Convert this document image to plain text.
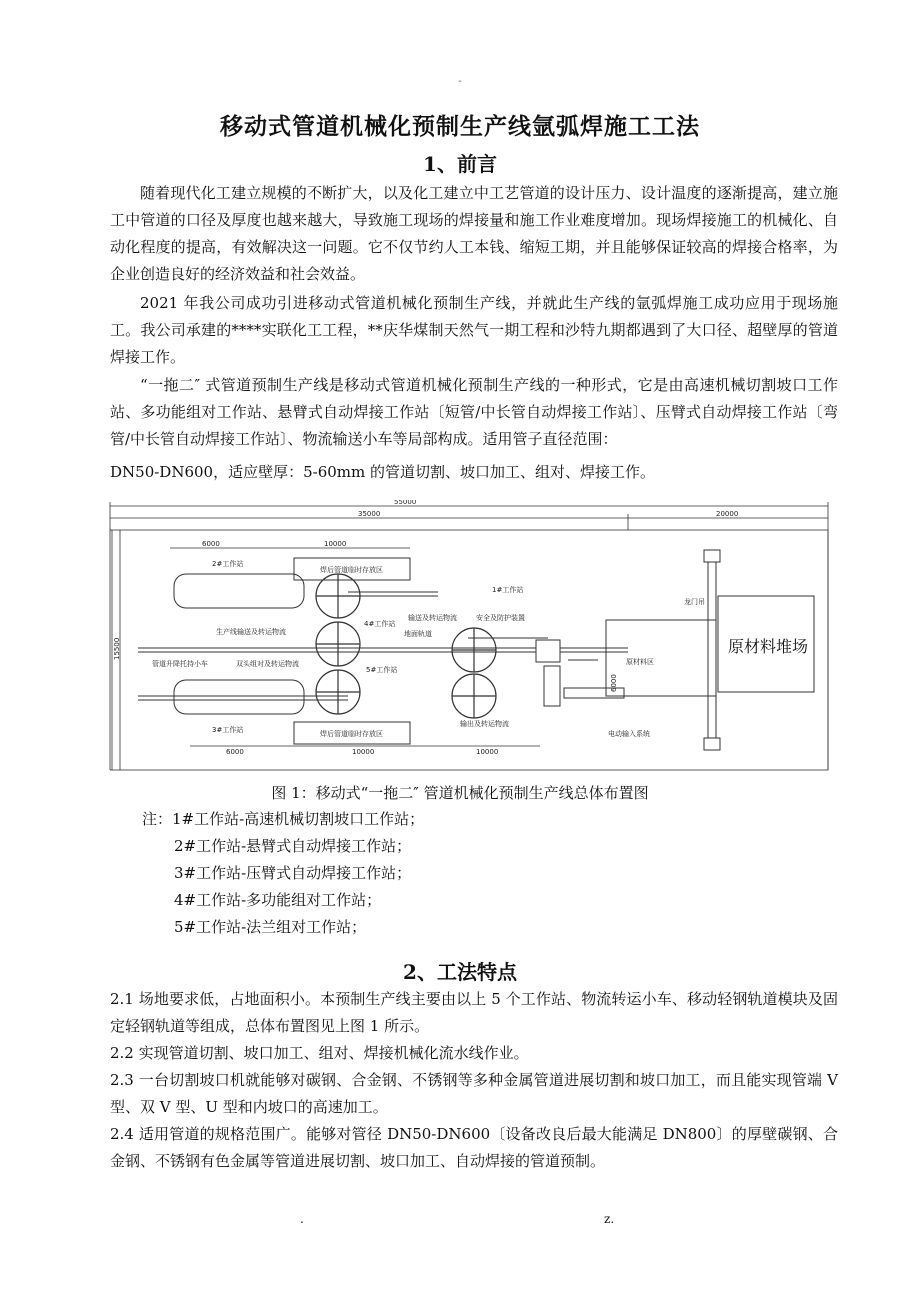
-
移动式管道机械化预制生产线氩弧焊施工工法
1、前言

随着现代化工建立规模的不断扩大，以及化工建立中工艺管道的设计压力、设计温度的逐渐提高，建立施工中管道的口径及厚度也越来越大，导致施工现场的焊接量和施工作业难度增加。现场焊接施工的机械化、自动化程度的提高，有效解决这一问题。它不仅节约人工本钱、缩短工期，并且能够保证较高的焊接合格率，为企业创造良好的经济效益和社会效益。

2021 年我公司成功引进移动式管道机械化预制生产线，并就此生产线的氩弧焊施工成功应用于现场施工。我公司承建的****实联化工工程，**庆华煤制天然气一期工程和沙特九期都遇到了大口径、超壁厚的管道焊接工作。

“一拖二″ 式管道预制生产线是移动式管道机械化预制生产线的一种形式，它是由高速机械切割坡口工作站、多功能组对工作站、悬臂式自动焊接工作站〔短管/中长管自动焊接工作站〕、压臂式自动焊接工作站〔弯管/中长管自动焊接工作站〕、物流输送小车等局部构成。适用管子直径范围：

DN50-DN600，适应壁厚：5-60mm 的管道切割、坡口加工、组对、焊接工作。

55000
35000	20000
15500
6000	10000
6000	10000	10000
6000
2#工作站
3#工作站
4#工作站
5#工作站
1#工作站
焊后管道临时存放区
焊后管道临时存放区
生产线输送及转运物流
管道升降托持小车	双头组对及转运物流
输送及转运物流
地面轨道
安全及防护装置
输出及转运物流
电动输入系统
龙门吊
原材料区
原材料堆场

图 1：移动式“一拖二″ 管道机械化预制生产线总体布置图

注：1#工作站-高速机械切割坡口工作站；
2#工作站-悬臂式自动焊接工作站；
3#工作站-压臂式自动焊接工作站；
4#工作站-多功能组对工作站；
5#工作站-法兰组对工作站；
2、工法特点

2.1 场地要求低，占地面积小。本预制生产线主要由以上 5 个工作站、物流转运小车、移动轻钢轨道模块及固定轻钢轨道等组成，总体布置图见上图 1 所示。

2.2 实现管道切割、坡口加工、组对、焊接机械化流水线作业。

2.3 一台切割坡口机就能够对碳钢、合金钢、不锈钢等多种金属管道进展切割和坡口加工，而且能实现管端 V 型、双 V 型、U 型和内坡口的高速加工。

2.4 适用管道的规格范围广。能够对管径 DN50-DN600〔设备改良后最大能满足 DN800〕的厚壁碳钢、合金钢、不锈钢有色金属等管道进展切割、坡口加工、自动焊接的管道预制。

.	z.
